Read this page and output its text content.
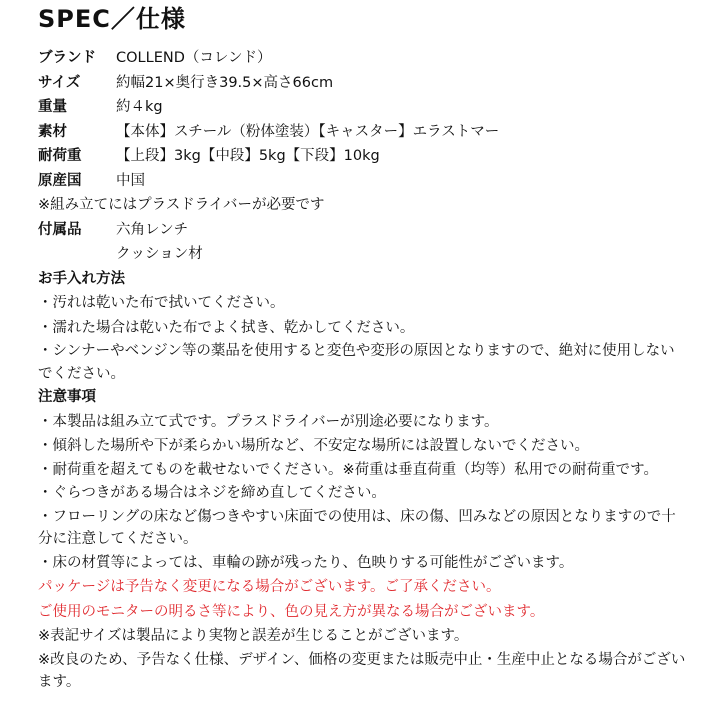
SPEC／仕様
ブランド	COLLEND（コレンド）
サイズ	約幅21×奥行き39.5×高さ66cm
重量	約４kg
素材	【本体】スチール（粉体塗装）【キャスター】エラストマー
耐荷重	【上段】3kg【中段】5kg【下段】10kg
原産国	中国
※組み立てにはプラスドライバーが必要です
付属品	六角レンチ
クッション材
お手入れ方法
・汚れは乾いた布で拭いてください。
・濡れた場合は乾いた布でよく拭き、乾かしてください。
・シンナーやベンジン等の薬品を使用すると変色や変形の原因となりますので、絶対に使用しないでください。
注意事項
・本製品は組み立て式です。プラスドライバーが別途必要になります。
・傾斜した場所や下が柔らかい場所など、不安定な場所には設置しないでください。
・耐荷重を超えてものを載せないでください。※荷重は垂直荷重（均等）私用での耐荷重です。
・ぐらつきがある場合はネジを締め直してください。
・フローリングの床など傷つきやすい床面での使用は、床の傷、凹みなどの原因となりますので十分に注意してください。
・床の材質等によっては、車輪の跡が残ったり、色映りする可能性がございます。
パッケージは予告なく変更になる場合がございます。ご了承ください。
ご使用のモニターの明るさ等により、色の見え方が異なる場合がございます。
※表記サイズは製品により実物と誤差が生じることがございます。
※改良のため、予告なく仕様、デザイン、価格の変更または販売中止・生産中止となる場合がございます。
